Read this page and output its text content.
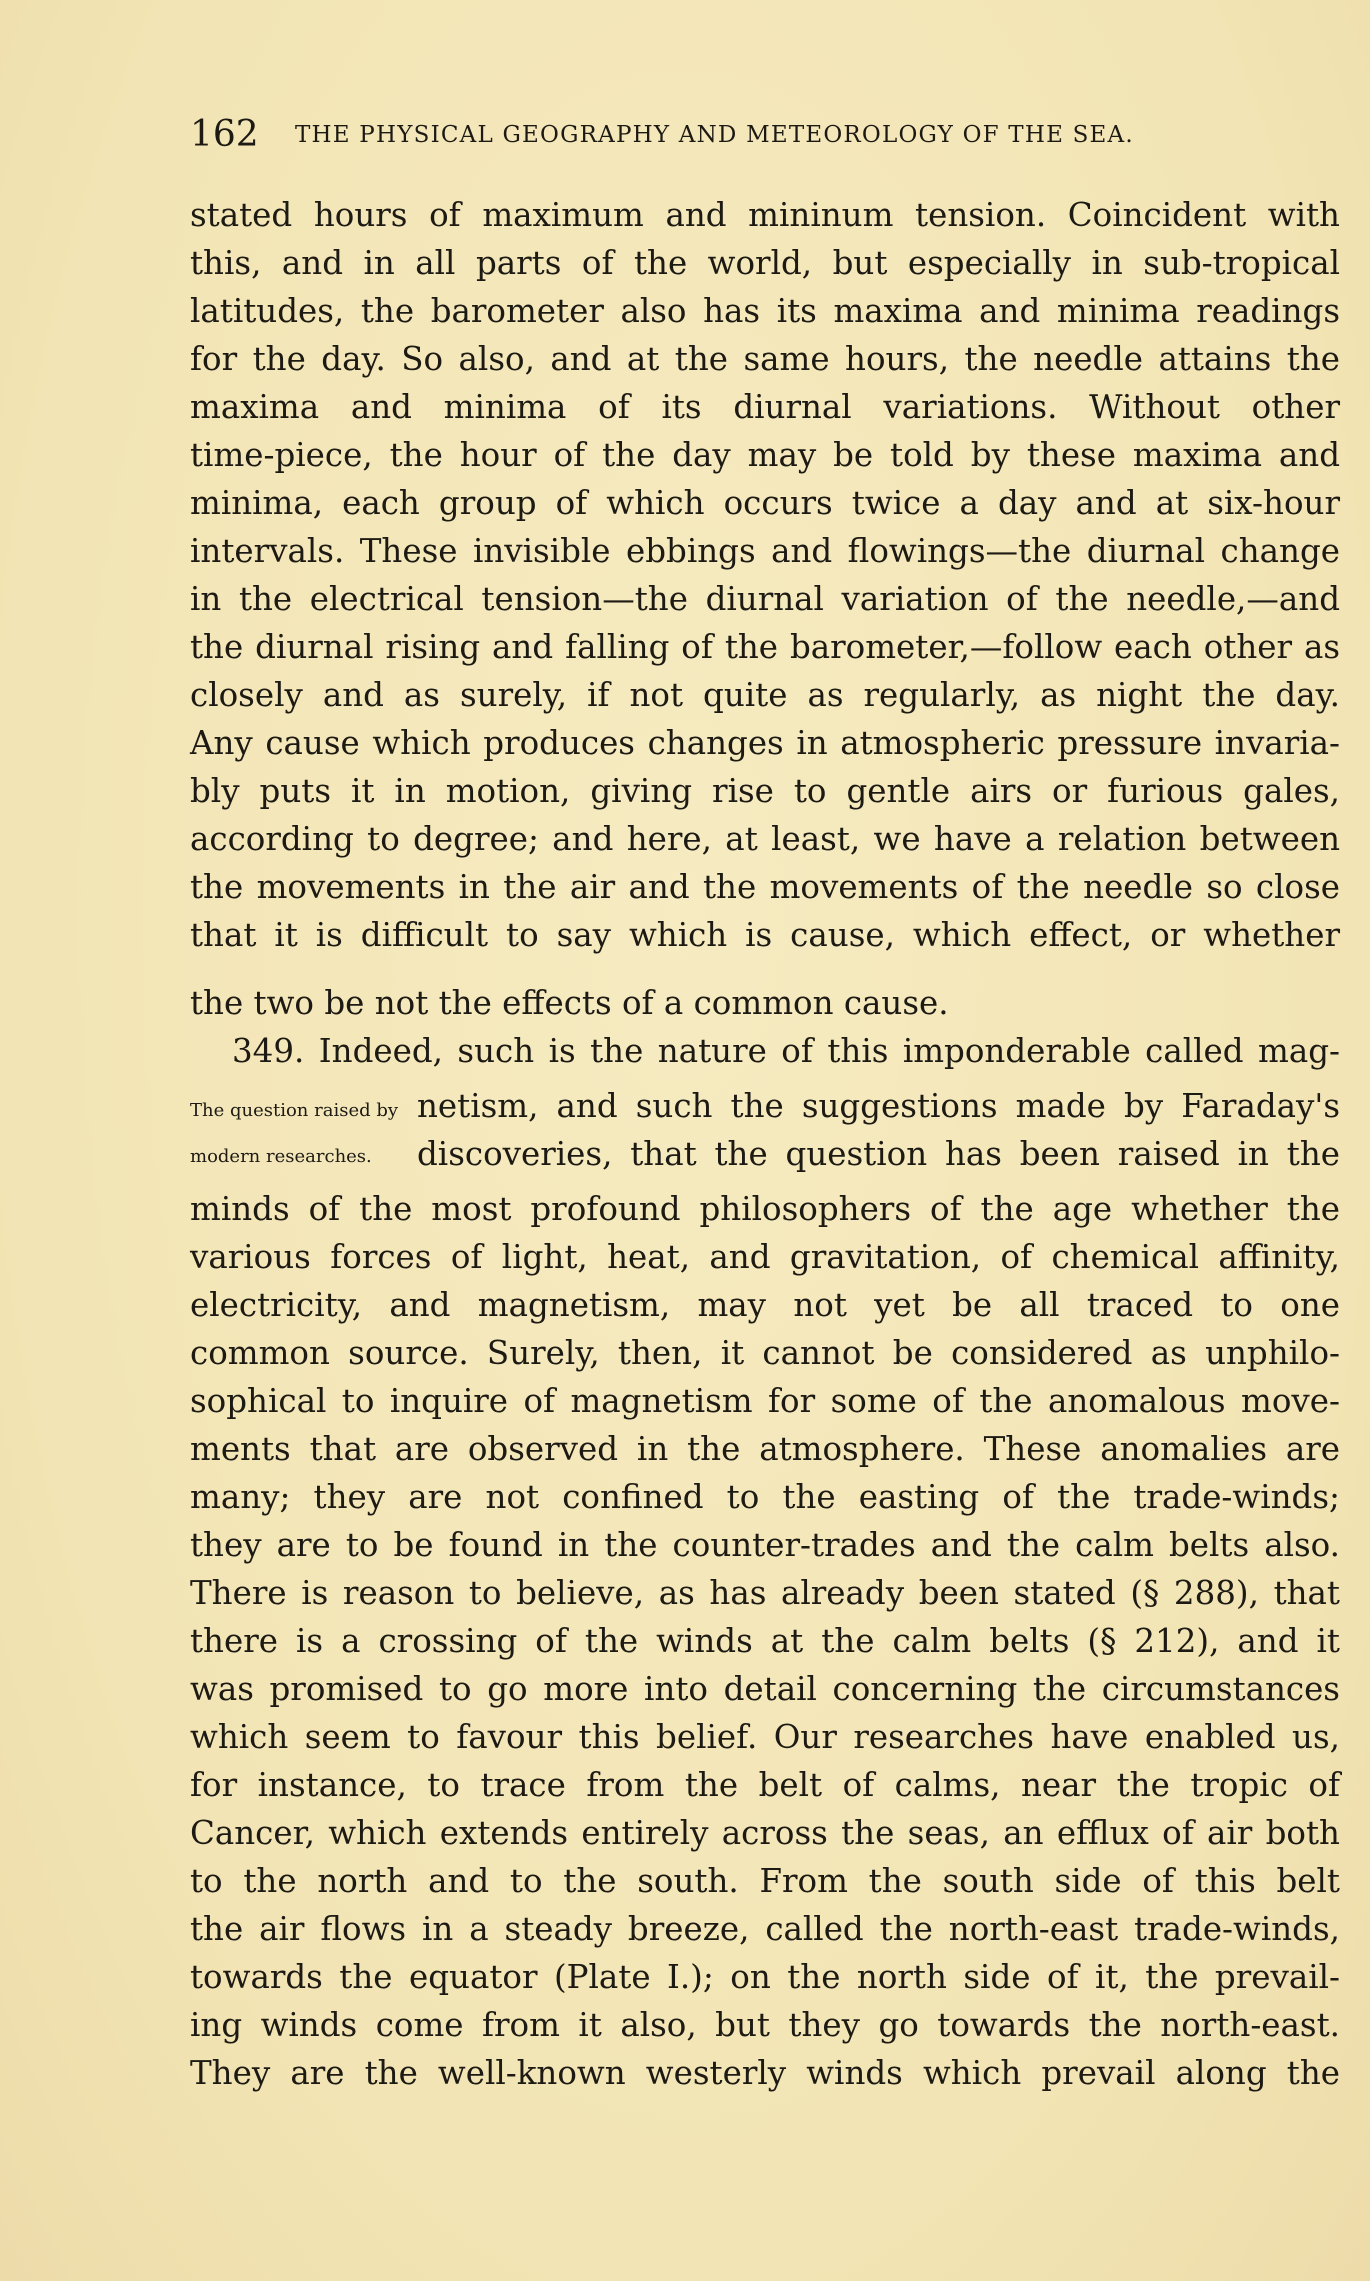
162 THE PHYSICAL GEOGRAPHY AND METEOROLOGY OF THE SEA.
stated hours of maximum and mininum tension. Coincident with
this, and in all parts of the world, but especially in sub-tropical
latitudes, the barometer also has its maxima and minima readings
for the day. So also, and at the same hours, the needle attains the
maxima and minima of its diurnal variations. Without other
time-piece, the hour of the day may be told by these maxima and
minima, each group of which occurs twice a day and at six-hour
intervals. These invisible ebbings and flowings—the diurnal change
in the electrical tension—the diurnal variation of the needle,—and
the diurnal rising and falling of the barometer,—follow each other as
closely and as surely, if not quite as regularly, as night the day.
Any cause which produces changes in atmospheric pressure invaria-
bly puts it in motion, giving rise to gentle airs or furious gales,
according to degree; and here, at least, we have a relation between
the movements in the air and the movements of the needle so close
that it is difficult to say which is cause, which effect, or whether
the two be not the effects of a common cause.
349. Indeed, such is the nature of this imponderable called mag-
The question raised by
modern researches.
netism, and such the suggestions made by Faraday's
discoveries, that the question has been raised in the
minds of the most profound philosophers of the age whether the
various forces of light, heat, and gravitation, of chemical affinity,
electricity, and magnetism, may not yet be all traced to one
common source. Surely, then, it cannot be considered as unphilo-
sophical to inquire of magnetism for some of the anomalous move-
ments that are observed in the atmosphere. These anomalies are
many; they are not confined to the easting of the trade-winds;
they are to be found in the counter-trades and the calm belts also.
There is reason to believe, as has already been stated (§ 288), that
there is a crossing of the winds at the calm belts (§ 212), and it
was promised to go more into detail concerning the circumstances
which seem to favour this belief. Our researches have enabled us,
for instance, to trace from the belt of calms, near the tropic of
Cancer, which extends entirely across the seas, an efflux of air both
to the north and to the south. From the south side of this belt
the air flows in a steady breeze, called the north-east trade-winds,
towards the equator (Plate I.); on the north side of it, the prevail-
ing winds come from it also, but they go towards the north-east.
They are the well-known westerly winds which prevail along the
